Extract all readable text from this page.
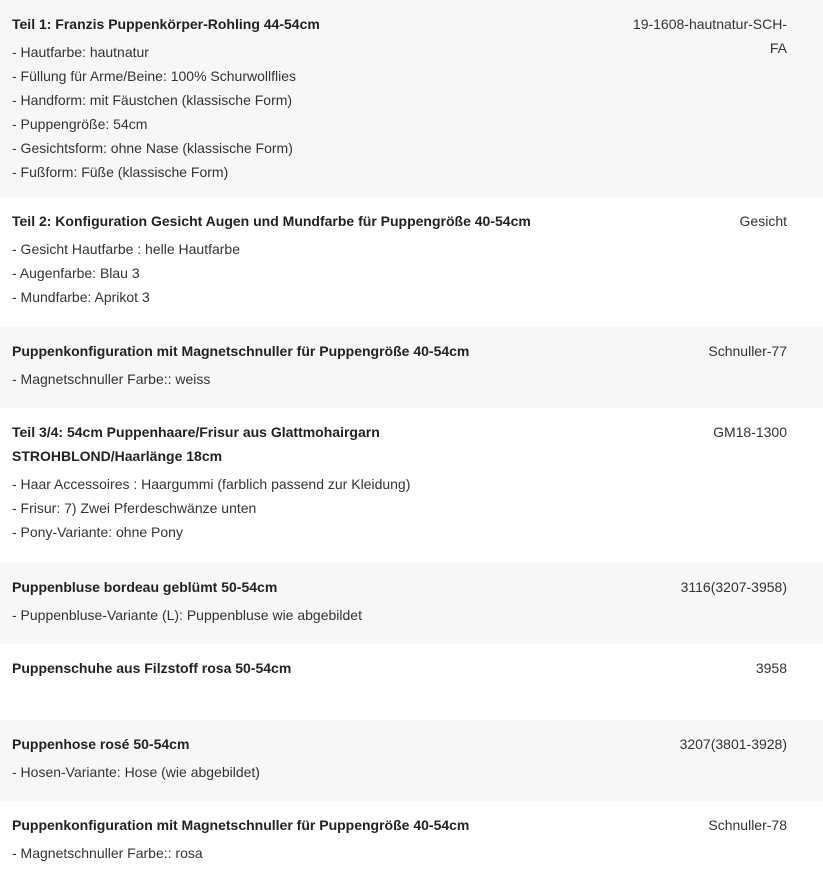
Teil 1: Franzis Puppenkörper-Rohling 44-54cm
- Hautfarbe: hautnatur
- Füllung für Arme/Beine: 100% Schurwollflies
- Handform: mit Fäustchen (klassische Form)
- Puppengröße: 54cm
- Gesichtsform: ohne Nase (klassische Form)
- Fußform: Füße (klassische Form)
19-1608-hautnatur-SCH-FA
Teil 2: Konfiguration Gesicht Augen und Mundfarbe für Puppengröße 40-54cm
- Gesicht Hautfarbe : helle Hautfarbe
- Augenfarbe: Blau 3
- Mundfarbe: Aprikot 3
Gesicht
Puppenkonfiguration mit Magnetschnuller für Puppengröße 40-54cm
- Magnetschnuller Farbe:: weiss
Schnuller-77
Teil 3/4: 54cm Puppenhaare/Frisur aus Glattmohairgarn STROHBLOND/Haarlänge 18cm
- Haar Accessoires : Haargummi (farblich passend zur Kleidung)
- Frisur: 7) Zwei Pferdeschwänze unten
- Pony-Variante: ohne Pony
GM18-1300
Puppenbluse bordeau geblümt 50-54cm
- Puppenbluse-Variante (L): Puppenbluse wie abgebildet
3116(3207-3958)
Puppenschuhe aus Filzstoff rosa 50-54cm	3958
Puppenhose rosé 50-54cm
- Hosen-Variante: Hose (wie abgebildet)
3207(3801-3928)
Puppenkonfiguration mit Magnetschnuller für Puppengröße 40-54cm
- Magnetschnuller Farbe:: rosa
Schnuller-78
